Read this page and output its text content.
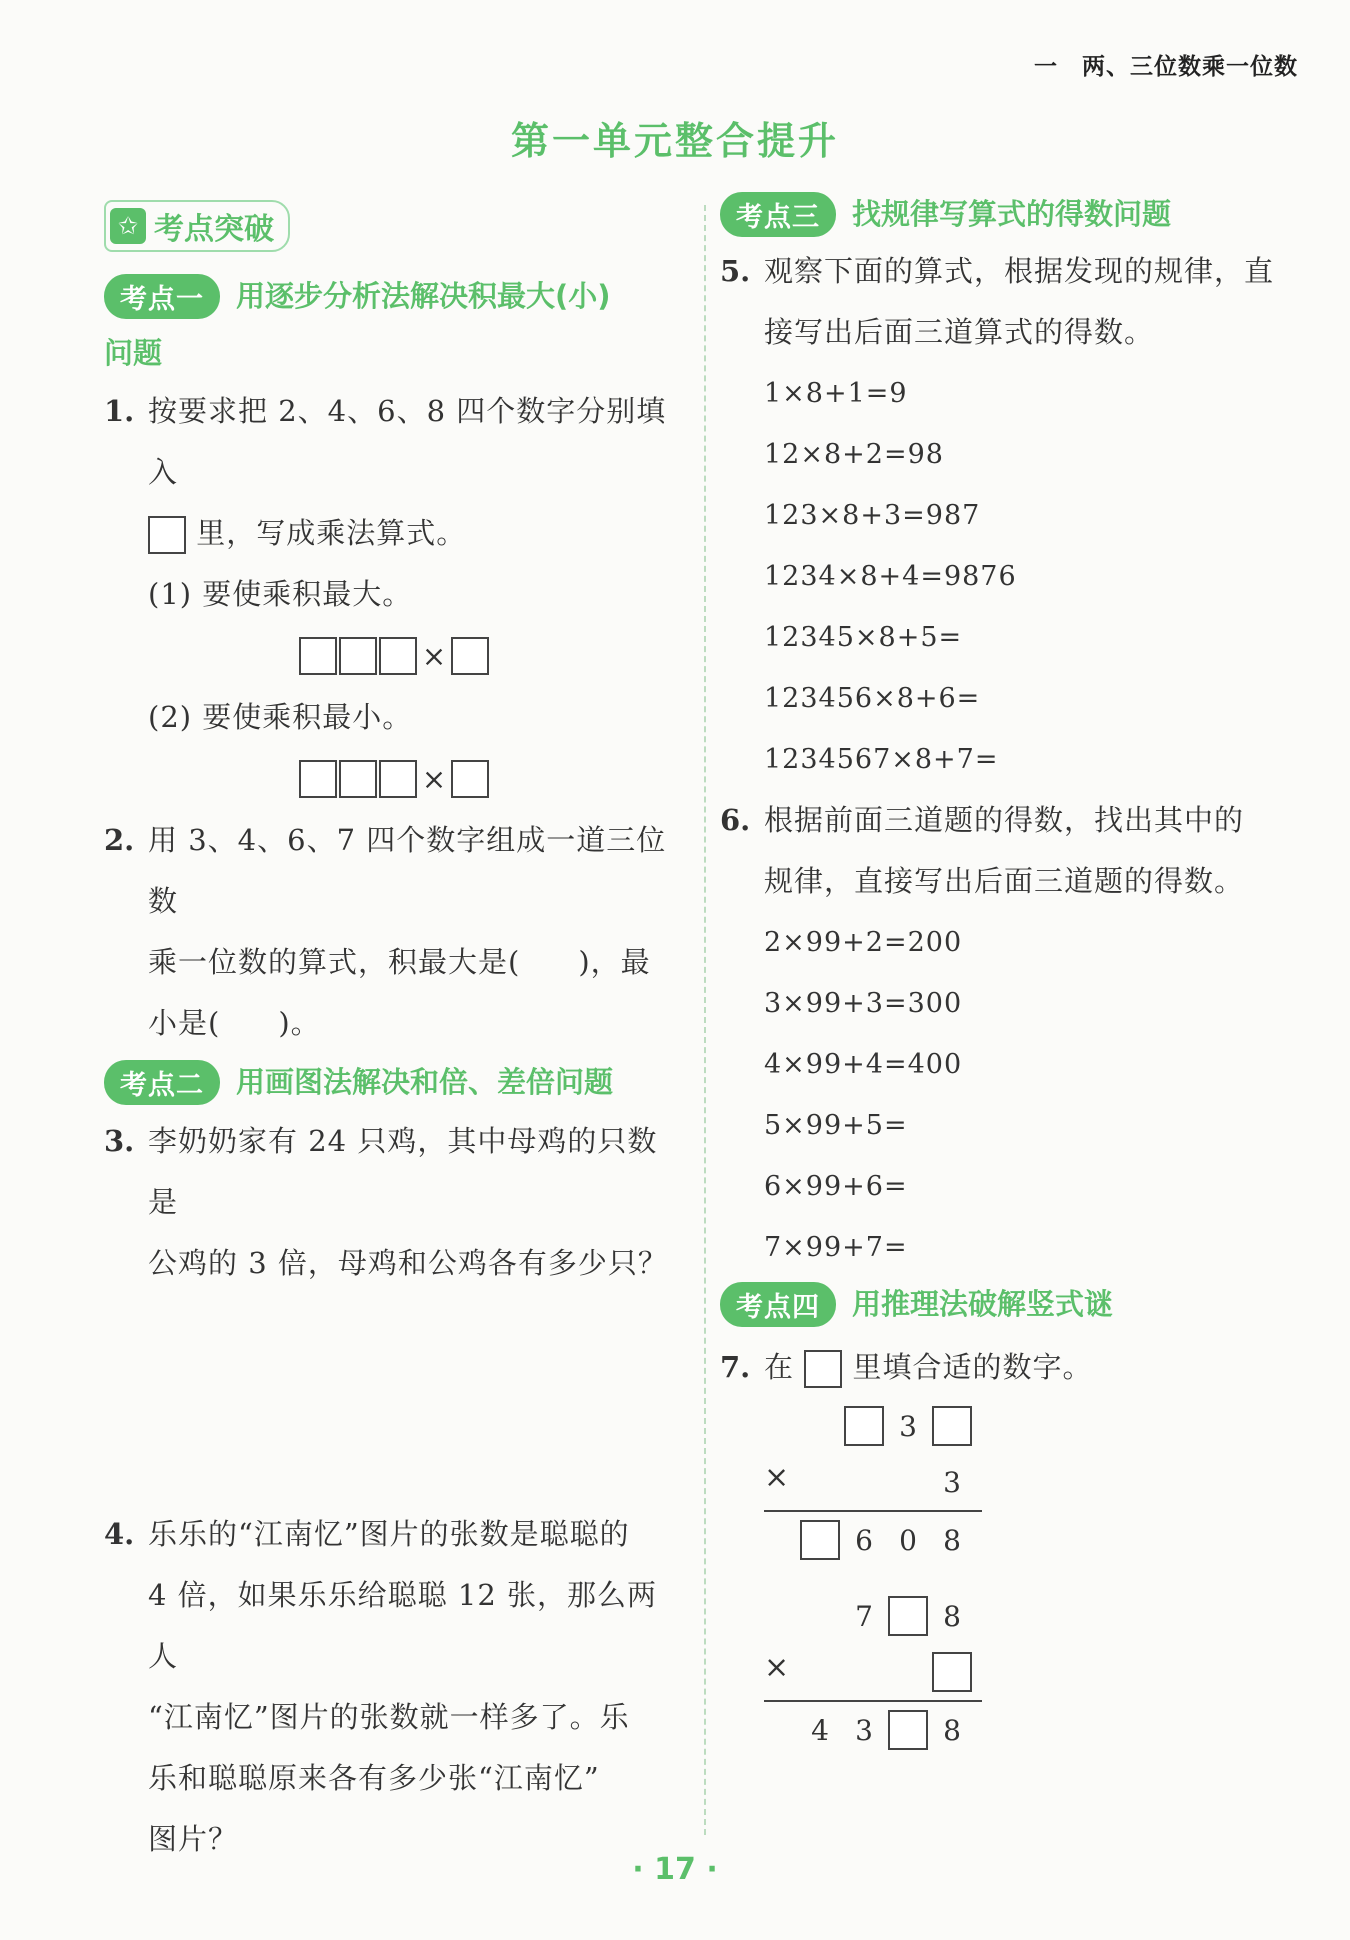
一　两、三位数乘一位数
第一单元整合提升
✩ 考点突破
考点一	用逐步分析法解决积最大(小)
问题
1. 按要求把 2、4、6、8 四个数字分别填入
里，写成乘法算式。
(1) 要使乘积最大。
×
(2) 要使乘积最小。
×
2. 用 3、4、6、7 四个数字组成一道三位数
乘一位数的算式，积最大是( )，最
小是( )。
考点二	用画图法解决和倍、差倍问题
3. 李奶奶家有 24 只鸡，其中母鸡的只数是
公鸡的 3 倍，母鸡和公鸡各有多少只？
4. 乐乐的“江南忆”图片的张数是聪聪的
4 倍，如果乐乐给聪聪 12 张，那么两人
“江南忆”图片的张数就一样多了。乐
乐和聪聪原来各有多少张“江南忆”
图片？
考点三	找规律写算式的得数问题
5. 观察下面的算式，根据发现的规律，直
接写出后面三道算式的得数。
1×8+1=9
12×8+2=98
123×8+3=987
1234×8+4=9876
12345×8+5=
123456×8+6=
1234567×8+7=
6. 根据前面三道题的得数，找出其中的
规律，直接写出后面三道题的得数。
2×99+2=200
3×99+3=300
4×99+4=400
5×99+5=
6×99+6=
7×99+7=
考点四	用推理法破解竖式谜
7. 在 里填合适的数字。
3
×	3
6 0 8
7	8
×
4 3	8
· 17 ·
